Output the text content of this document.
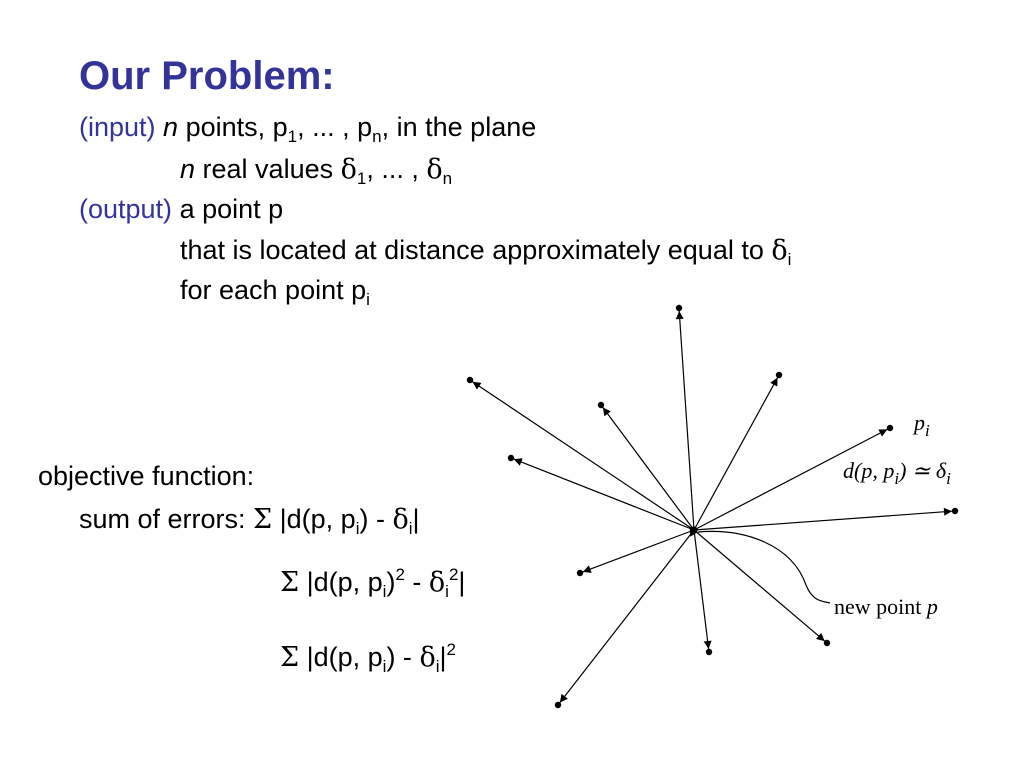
Our Problem:
(input) n points, $p_1$, ... , $p_n$, in the plane
n real values $\delta_1$, ... , $\delta_n$
(output) a point p
that is located at distance approximately equal to $\delta_i$
for each point $p_i$
objective function:
sum of errors: Σ |d(p, $p_i) - \delta_i|$
Σ |d(p, $p_i)^2 - \delta_i^2|$
Σ |d(p, $p_i) - \delta_i|^2$
$p_i$
d(p, $p_i$) ≃ $\delta_i$
new point p
